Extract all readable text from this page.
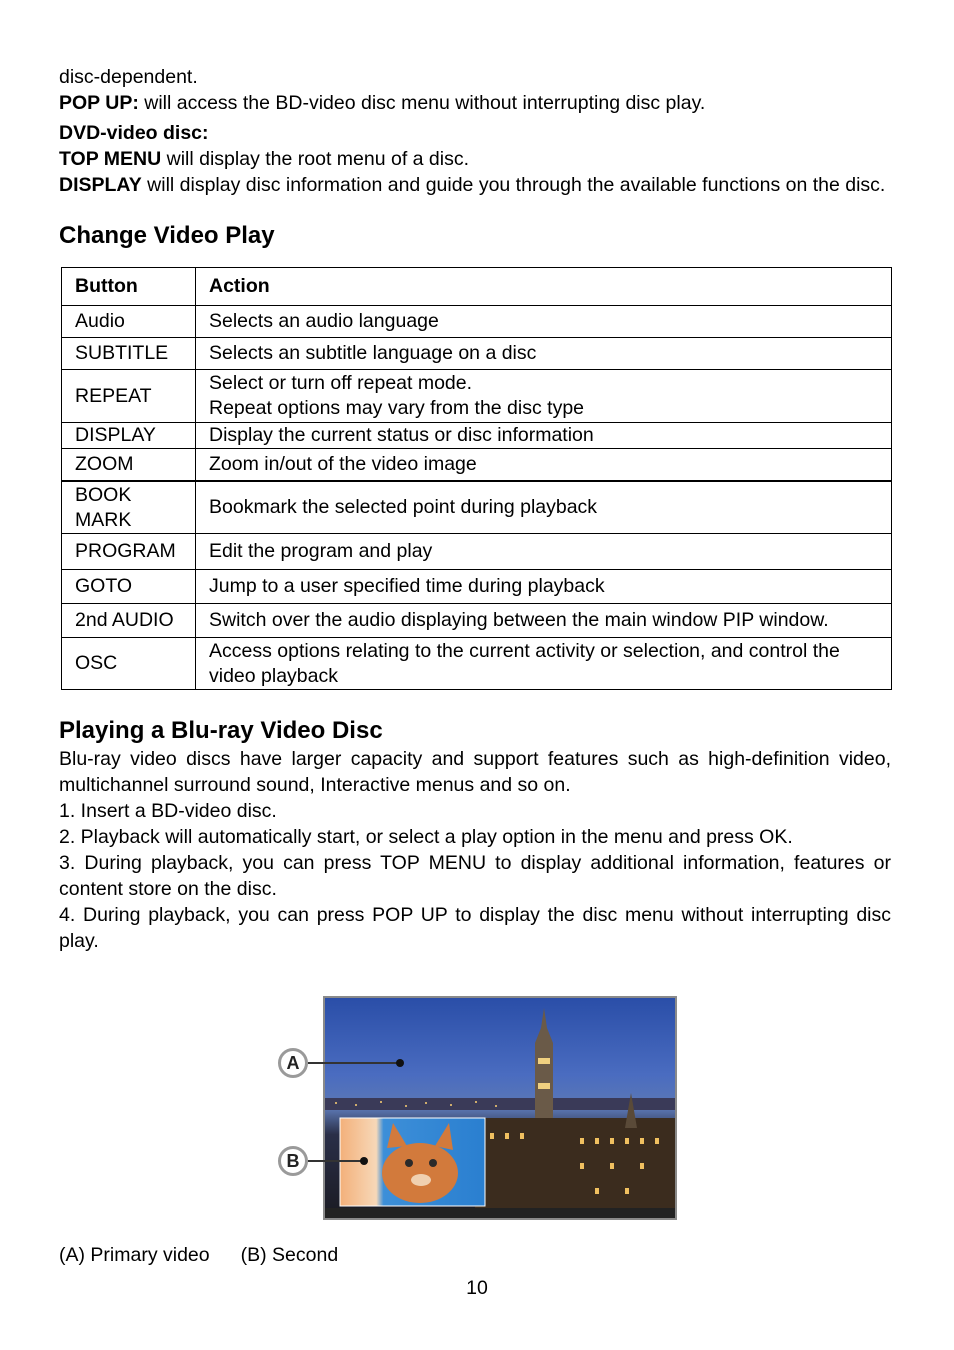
disc-dependent.

POP UP: will access the BD-video disc menu without interrupting disc play.

DVD-video disc:

TOP MENU will display the root menu of a disc.

DISPLAY will display disc information and guide you through the available functions on the disc.

Change Video Play
Button	Action
Audio	Selects an audio language
SUBTITLE	Selects an subtitle language on a disc
REPEAT	Select or turn off repeat mode.
Repeat options may vary from the disc type

DISPLAY	Display the current status or disc information
ZOOM	Zoom in/out of the video image

BOOK
MARK	Bookmark the selected point during playback
PROGRAM	Edit the program and play
GOTO	Jump to a user specified time during playback
2nd AUDIO	Switch over the audio displaying between the main window PIP window.
OSC	Access options relating to the current activity or selection, and control the
video playback
Playing a Blu-ray Video Disc

Blu-ray video discs have larger capacity and support features such as high-definition video, multichannel surround sound, Interactive menus and so on.

1. Insert a BD-video disc.

2. Playback will automatically start, or select a play option in the menu and press OK.

3. During playback, you can press TOP MENU to display additional information, features or content store on the disc.

4. During playback, you can press POP UP to display the disc menu without interrupting disc play.

A
B
(A) Primary video (B) Second
10
